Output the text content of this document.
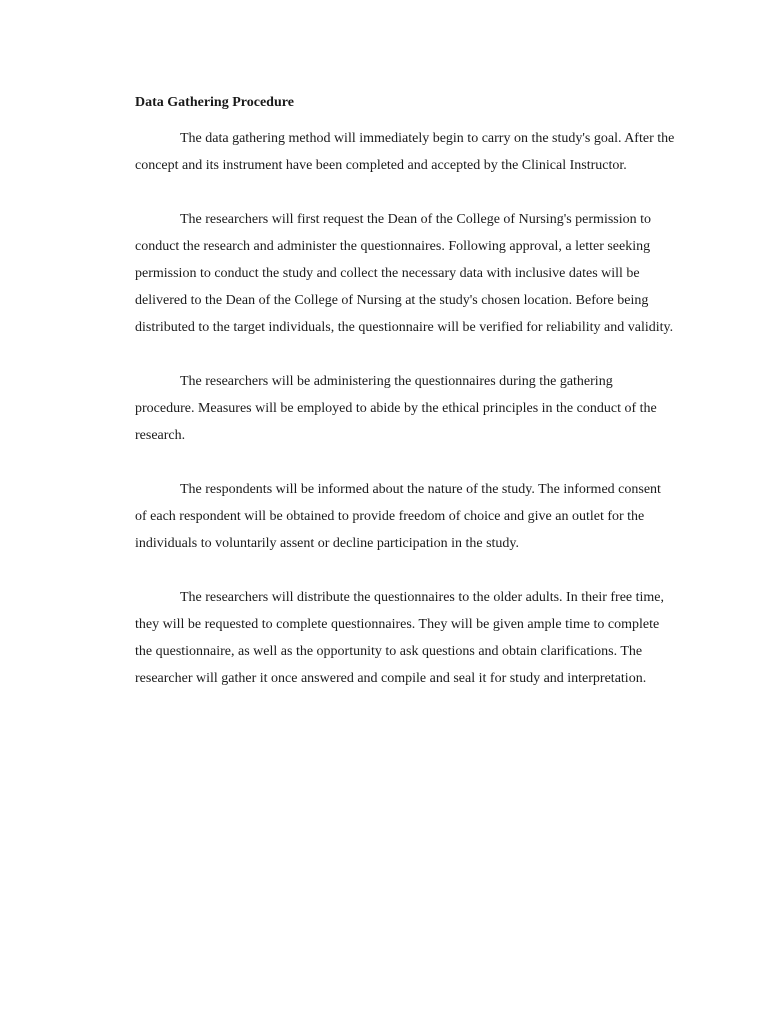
Data Gathering Procedure

The data gathering method will immediately begin to carry on the study's goal. After the concept and its instrument have been completed and accepted by the Clinical Instructor.

The researchers will first request the Dean of the College of Nursing's permission to conduct the research and administer the questionnaires. Following approval, a letter seeking permission to conduct the study and collect the necessary data with inclusive dates will be delivered to the Dean of the College of Nursing at the study's chosen location. Before being distributed to the target individuals, the questionnaire will be verified for reliability and validity.

The researchers will be administering the questionnaires during the gathering procedure. Measures will be employed to abide by the ethical principles in the conduct of the research.

The respondents will be informed about the nature of the study. The informed consent of each respondent will be obtained to provide freedom of choice and give an outlet for the individuals to voluntarily assent or decline participation in the study.

The researchers will distribute the questionnaires to the older adults. In their free time, they will be requested to complete questionnaires. They will be given ample time to complete the questionnaire, as well as the opportunity to ask questions and obtain clarifications. The researcher will gather it once answered and compile and seal it for study and interpretation.
